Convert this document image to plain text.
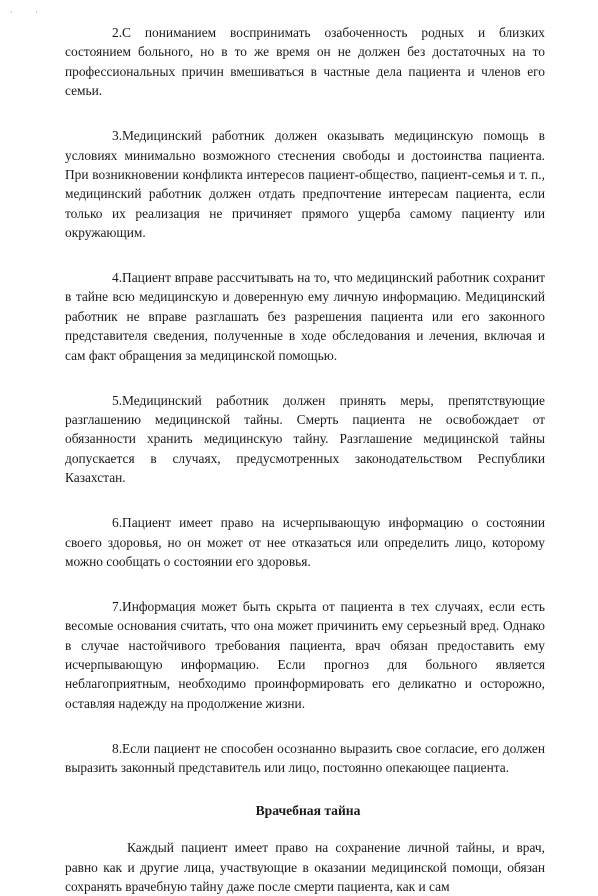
· ·

2.С пониманием воспринимать озабоченность родных и близких состоянием больного, но в то же время он не должен без достаточных на то профессиональных причин вмешиваться в частные дела пациента и членов его семьи.

3.Медицинский работник должен оказывать медицинскую помощь в условиях минимально возможного стеснения свободы и достоинства пациента. При возникновении конфликта интересов пациент-общество, пациент-семья и т. п., медицинский работник должен отдать предпочтение интересам пациента, если только их реализация не причиняет прямого ущерба самому пациенту или окружающим.

4.Пациент вправе рассчитывать на то, что медицинский работник сохранит в тайне всю медицинскую и доверенную ему личную информацию. Медицинский работник не вправе разглашать без разрешения пациента или его законного представителя сведения, полученные в ходе обследования и лечения, включая и сам факт обращения за медицинской помощью.

5.Медицинский работник должен принять меры, препятствующие разглашению медицинской тайны. Смерть пациента не освобождает от обязанности хранить медицинскую тайну. Разглашение медицинской тайны допускается в случаях, предусмотренных законодательством Республики Казахстан.

6.Пациент имеет право на исчерпывающую информацию о состоянии своего здоровья, но он может от нее отказаться или определить лицо, которому можно сообщать о состоянии его здоровья.

7.Информация может быть скрыта от пациента в тех случаях, если есть весомые основания считать, что она может причинить ему серьезный вред. Однако в случае настойчивого требования пациента, врач обязан предоставить ему исчерпывающую информацию. Если прогноз для больного является неблагоприятным, необходимо проинформировать его деликатно и осторожно, оставляя надежду на продолжение жизни.

8.Если пациент не способен осознанно выразить свое согласие, его должен выразить законный представитель или лицо, постоянно опекающее пациента.

Врачебная тайна

Каждый пациент имеет право на сохранение личной тайны, и врач, равно как и другие лица, участвующие в оказании медицинской помощи, обязан сохранять врачебную тайну даже после смерти пациента, как и сам
